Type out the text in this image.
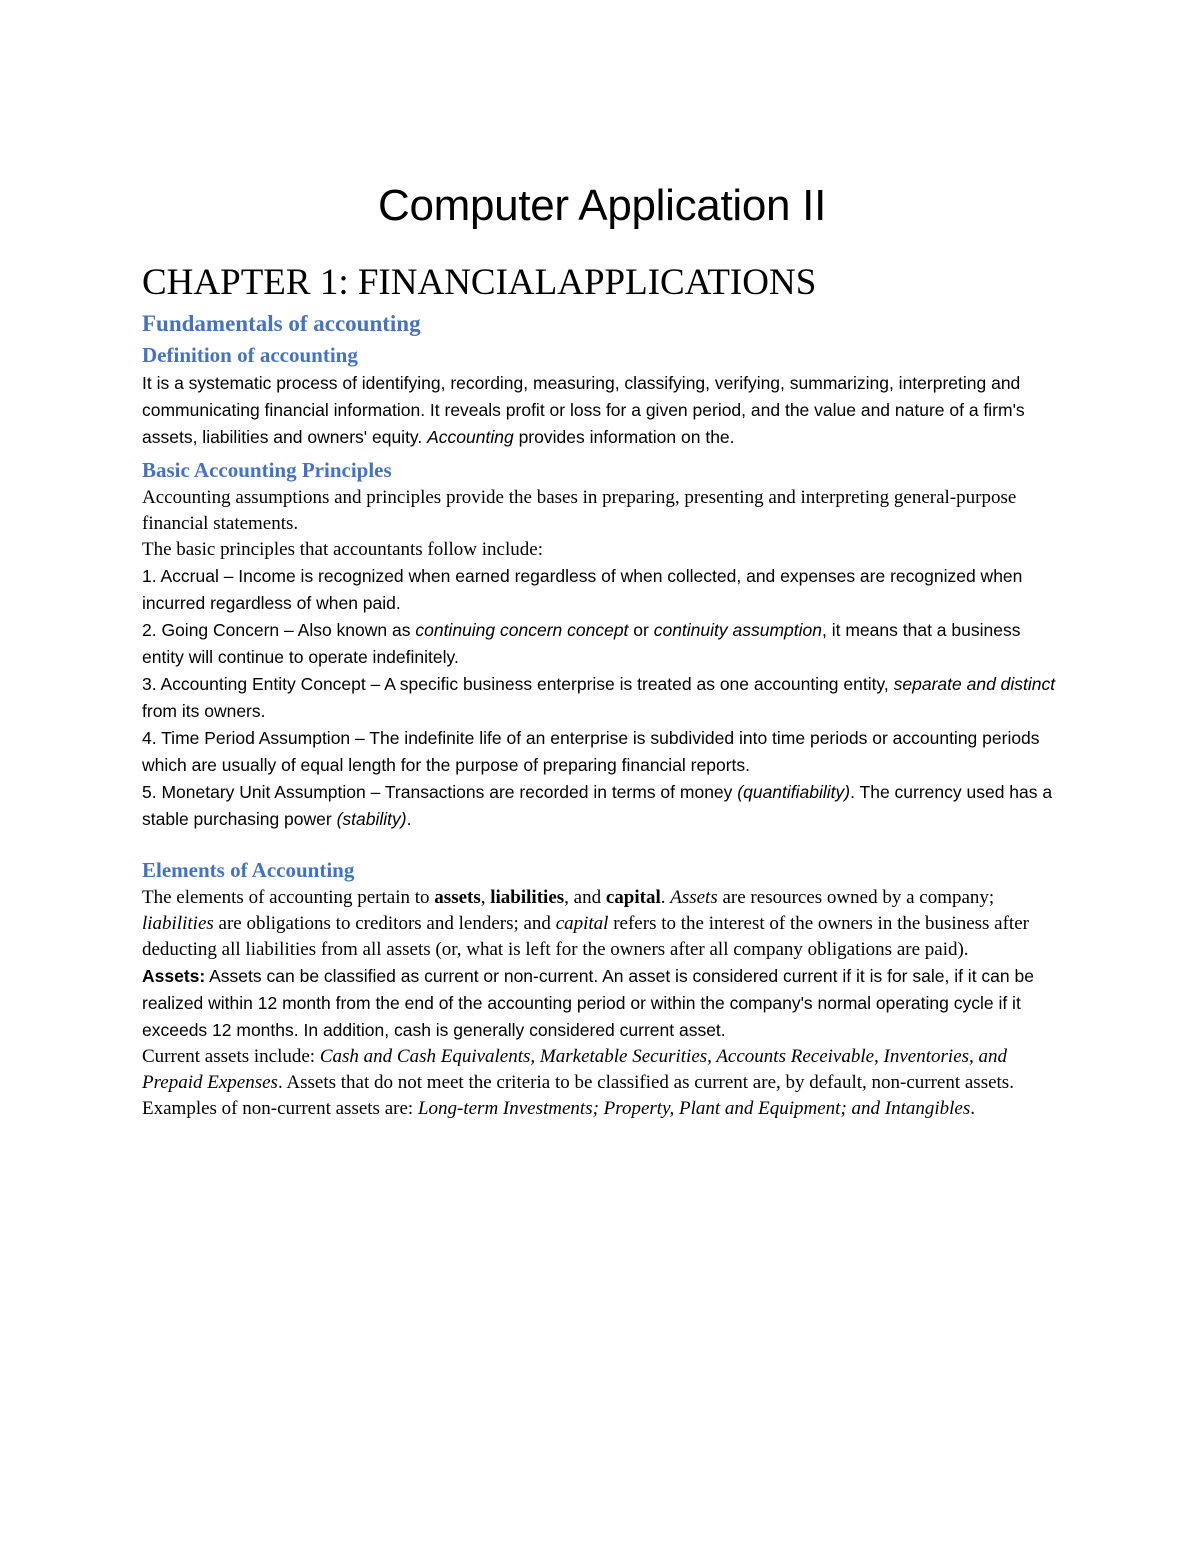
Computer Application II
CHAPTER 1: FINANCIALAPPLICATIONS
Fundamentals of accounting
Definition of accounting

It is a systematic process of identifying, recording, measuring, classifying, verifying, summarizing, interpreting and communicating financial information. It reveals profit or loss for a given period, and the value and nature of a firm's assets, liabilities and owners' equity. Accounting provides information on the.

Basic Accounting Principles

Accounting assumptions and principles provide the bases in preparing, presenting and interpreting general-purpose financial statements.

The basic principles that accountants follow include:

1. Accrual – Income is recognized when earned regardless of when collected, and expenses are recognized when incurred regardless of when paid.

2. Going Concern – Also known as continuing concern concept or continuity assumption, it means that a business entity will continue to operate indefinitely.

3. Accounting Entity Concept – A specific business enterprise is treated as one accounting entity, separate and distinct from its owners.

4. Time Period Assumption – The indefinite life of an enterprise is subdivided into time periods or accounting periods which are usually of equal length for the purpose of preparing financial reports.

5. Monetary Unit Assumption – Transactions are recorded in terms of money (quantifiability). The currency used has a stable purchasing power (stability).

Elements of Accounting

The elements of accounting pertain to assets, liabilities, and capital. Assets are resources owned by a company; liabilities are obligations to creditors and lenders; and capital refers to the interest of the owners in the business after deducting all liabilities from all assets (or, what is left for the owners after all company obligations are paid).

Assets: Assets can be classified as current or non-current. An asset is considered current if it is for sale, if it can be realized within 12 month from the end of the accounting period or within the company's normal operating cycle if it exceeds 12 months. In addition, cash is generally considered current asset.

Current assets include: Cash and Cash Equivalents, Marketable Securities, Accounts Receivable, Inventories, and Prepaid Expenses. Assets that do not meet the criteria to be classified as current are, by default, non-current assets. Examples of non-current assets are: Long-term Investments; Property, Plant and Equipment; and Intangibles.
